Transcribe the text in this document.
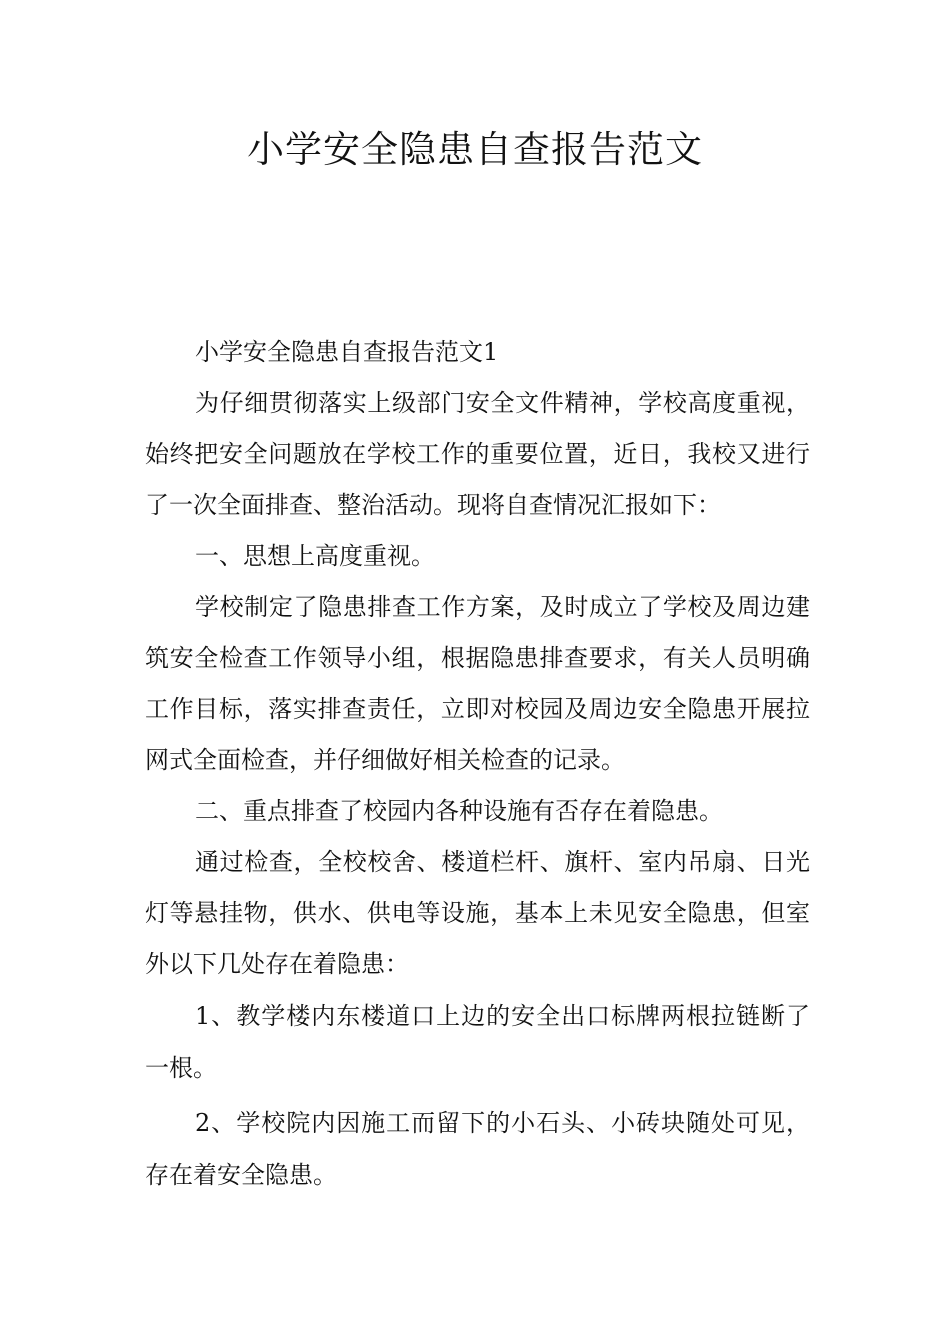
小学安全隐患自查报告范文

小学安全隐患自查报告范文1

为仔细贯彻落实上级部门安全文件精神，学校高度重视，始终把安全问题放在学校工作的重要位置，近日，我校又进行了一次全面排查、整治活动。现将自查情况汇报如下：

一、思想上高度重视。

学校制定了隐患排查工作方案，及时成立了学校及周边建筑安全检查工作领导小组，根据隐患排查要求，有关人员明确工作目标，落实排查责任，立即对校园及周边安全隐患开展拉网式全面检查，并仔细做好相关检查的记录。

二、重点排查了校园内各种设施有否存在着隐患。

通过检查，全校校舍、楼道栏杆、旗杆、室内吊扇、日光灯等悬挂物，供水、供电等设施，基本上未见安全隐患，但室外以下几处存在着隐患：

1、教学楼内东楼道口上边的安全出口标牌两根拉链断了一根。

2、学校院内因施工而留下的小石头、小砖块随处可见，存在着安全隐患。
